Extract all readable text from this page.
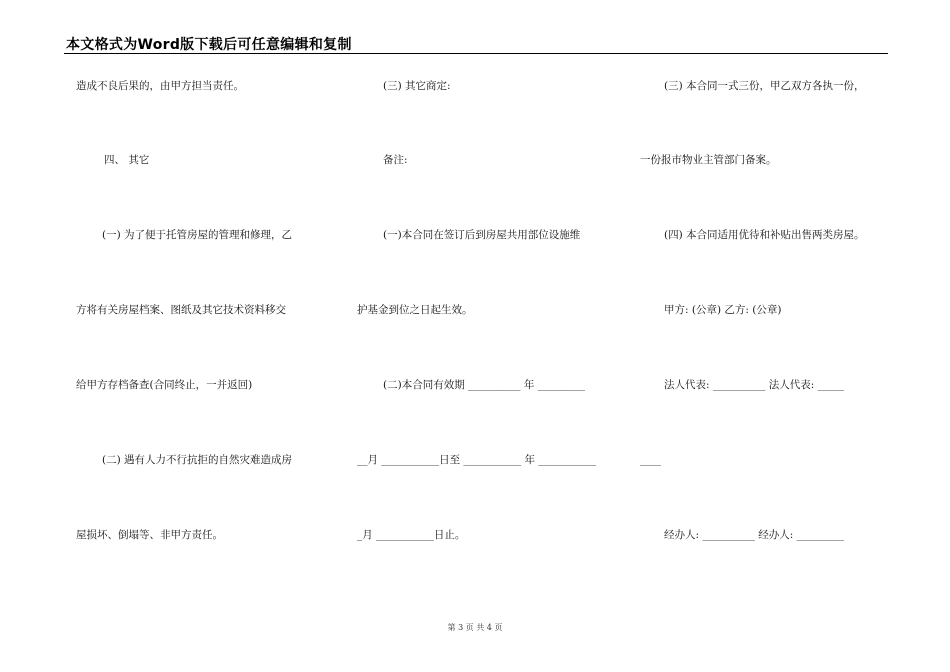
本文格式为Word版下载后可任意编辑和复制
造成不良后果的，由甲方担当责任。
四、 其它
(一) 为了便于托管房屋的管理和修理，乙
方将有关房屋档案、图纸及其它技术资料移交
给甲方存档备查(合同终止，一并返回)
(二) 遇有人力不行抗拒的自然灾难造成房
屋损坏、倒塌等、非甲方责任。
(三) 其它商定:
备注:
(一)本合同在签订后到房屋共用部位设施维
护基金到位之日起生效。
(二)本合同有效期 __________ 年 _________
__月 ___________日至 ___________ 年 ___________
_月 ___________日止。
(三) 本合同一式三份，甲乙双方各执一份，
一份报市物业主管部门备案。
(四) 本合同适用优待和补贴出售两类房屋。
甲方: (公章) 乙方: (公章)
法人代表: __________ 法人代表: _____
____
经办人: __________ 经办人: _________
第 3 页 共 4 页
